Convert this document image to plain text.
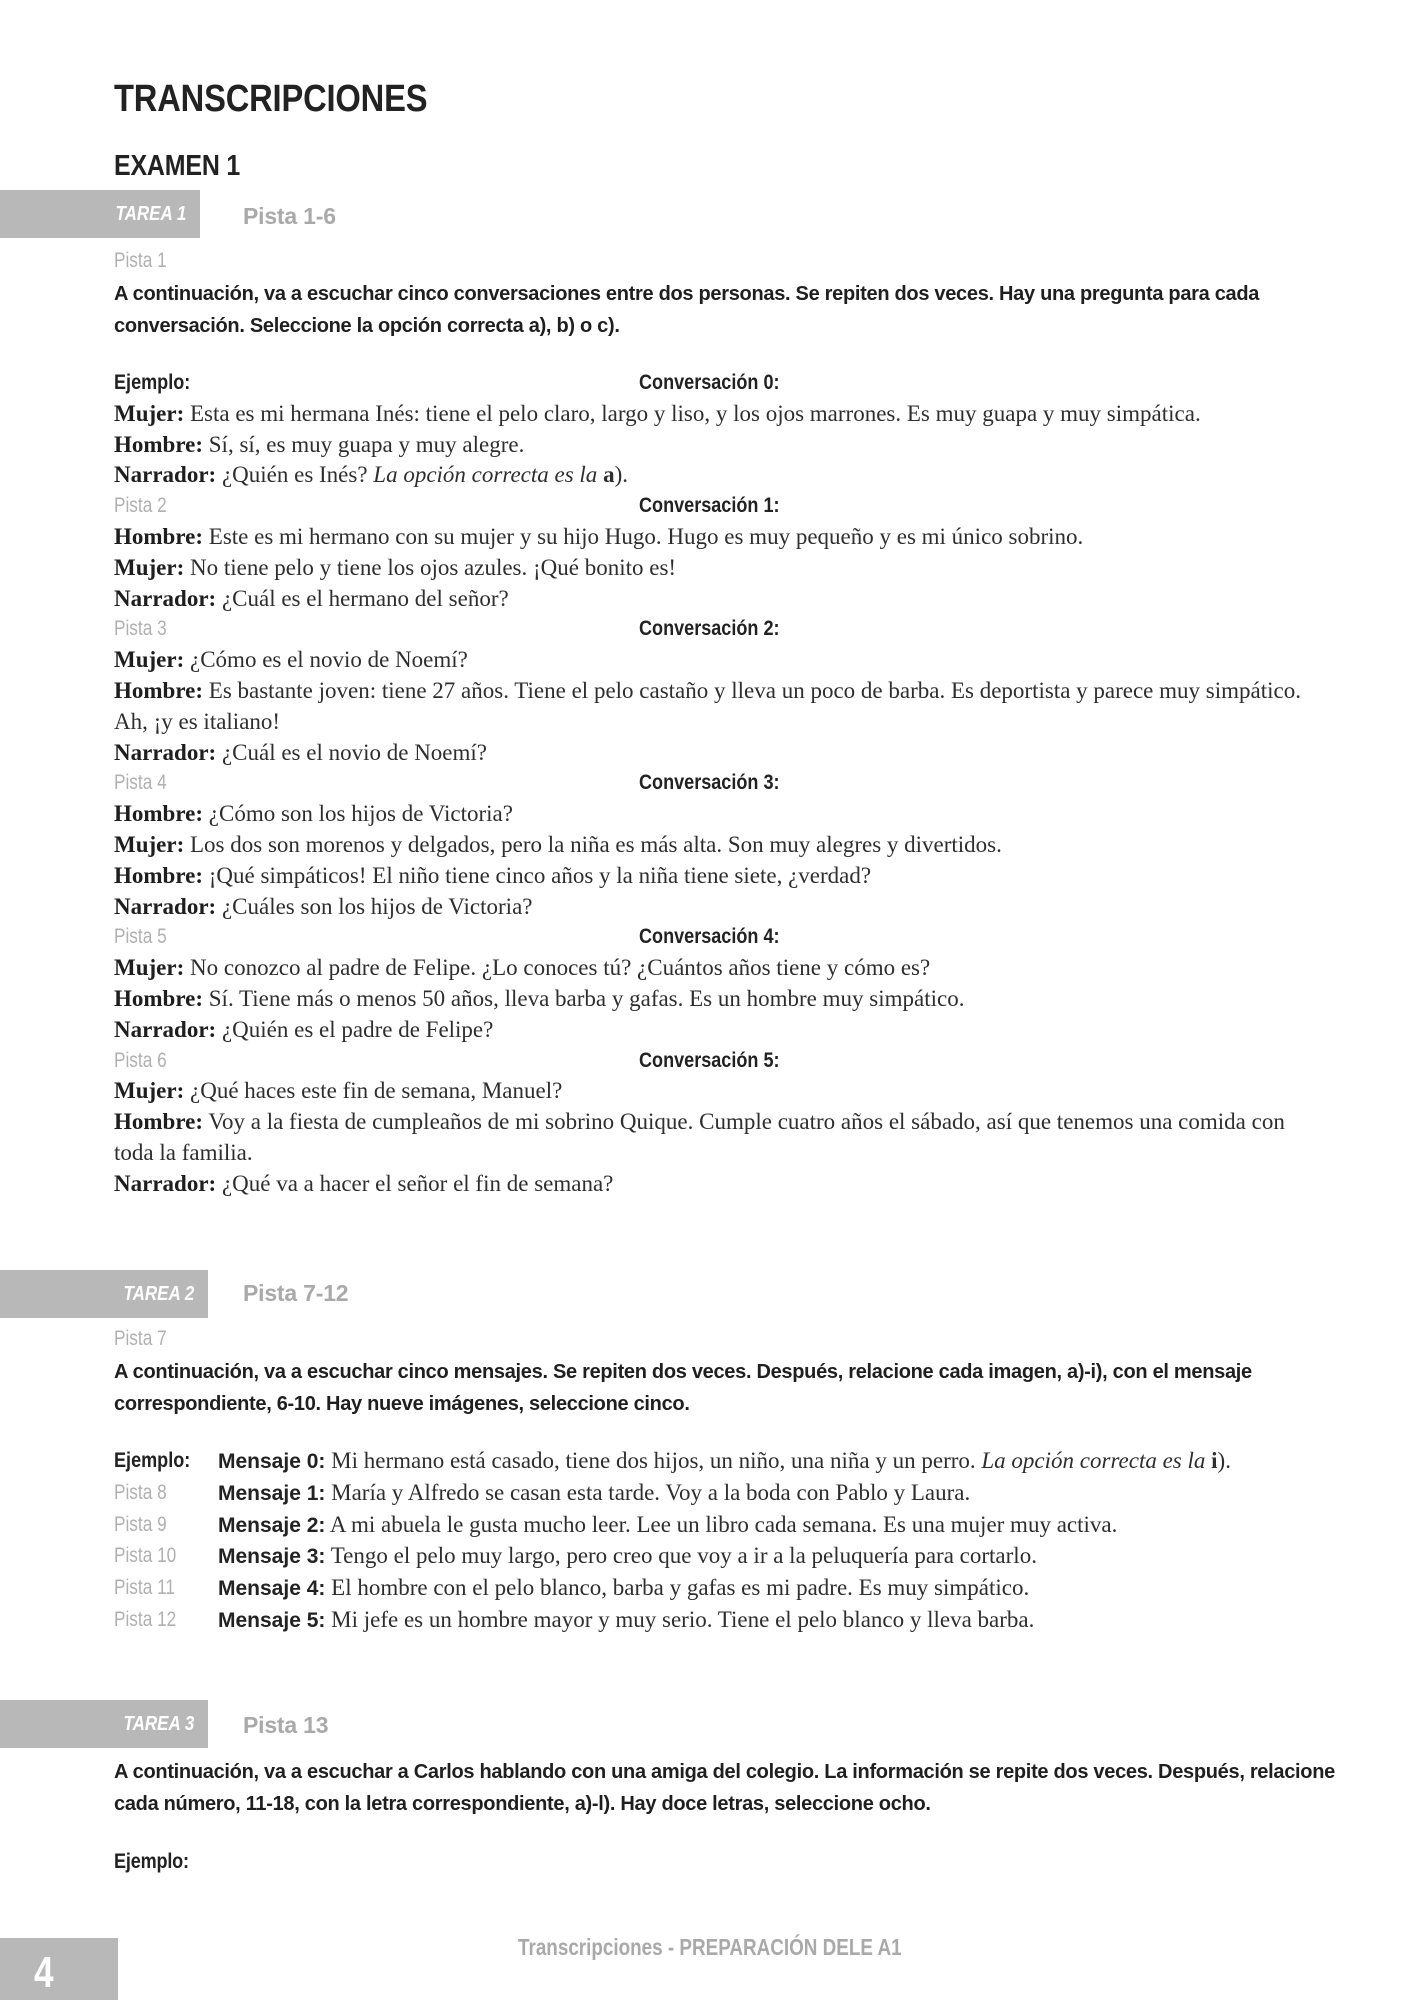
TRANSCRIPCIONES
EXAMEN 1
TAREA 1	Pista 1-6
Pista 1
A continuación, va a escuchar cinco conversaciones entre dos personas. Se repiten dos veces. Hay una pregunta para cada conversación. Seleccione la opción correcta a), b) o c).
Ejemplo:	Conversación 0:
Mujer: Esta es mi hermana Inés: tiene el pelo claro, largo y liso, y los ojos marrones. Es muy guapa y muy simpática.
Hombre: Sí, sí, es muy guapa y muy alegre.
Narrador: ¿Quién es Inés? La opción correcta es la a).
Pista 2	Conversación 1:
Hombre: Este es mi hermano con su mujer y su hijo Hugo. Hugo es muy pequeño y es mi único sobrino.
Mujer: No tiene pelo y tiene los ojos azules. ¡Qué bonito es!
Narrador: ¿Cuál es el hermano del señor?
Pista 3	Conversación 2:
Mujer: ¿Cómo es el novio de Noemí?
Hombre: Es bastante joven: tiene 27 años. Tiene el pelo castaño y lleva un poco de barba. Es deportista y parece muy simpático. Ah, ¡y es italiano!
Narrador: ¿Cuál es el novio de Noemí?
Pista 4	Conversación 3:
Hombre: ¿Cómo son los hijos de Victoria?
Mujer: Los dos son morenos y delgados, pero la niña es más alta. Son muy alegres y divertidos.
Hombre: ¡Qué simpáticos! El niño tiene cinco años y la niña tiene siete, ¿verdad?
Narrador: ¿Cuáles son los hijos de Victoria?
Pista 5	Conversación 4:
Mujer: No conozco al padre de Felipe. ¿Lo conoces tú? ¿Cuántos años tiene y cómo es?
Hombre: Sí. Tiene más o menos 50 años, lleva barba y gafas. Es un hombre muy simpático.
Narrador: ¿Quién es el padre de Felipe?
Pista 6	Conversación 5:
Mujer: ¿Qué haces este fin de semana, Manuel?
Hombre: Voy a la fiesta de cumpleaños de mi sobrino Quique. Cumple cuatro años el sábado, así que tenemos una comida con toda la familia.
Narrador: ¿Qué va a hacer el señor el fin de semana?
TAREA 2	Pista 7-12
Pista 7
A continuación, va a escuchar cinco mensajes. Se repiten dos veces. Después, relacione cada imagen, a)-i), con el mensaje correspondiente, 6-10. Hay nueve imágenes, seleccione cinco.
Ejemplo:	Mensaje 0: Mi hermano está casado, tiene dos hijos, un niño, una niña y un perro. La opción correcta es la i).
Pista 8	Mensaje 1: María y Alfredo se casan esta tarde. Voy a la boda con Pablo y Laura.
Pista 9	Mensaje 2: A mi abuela le gusta mucho leer. Lee un libro cada semana. Es una mujer muy activa.
Pista 10	Mensaje 3: Tengo el pelo muy largo, pero creo que voy a ir a la peluquería para cortarlo.
Pista 11	Mensaje 4: El hombre con el pelo blanco, barba y gafas es mi padre. Es muy simpático.
Pista 12	Mensaje 5: Mi jefe es un hombre mayor y muy serio. Tiene el pelo blanco y lleva barba.
TAREA 3	Pista 13
A continuación, va a escuchar a Carlos hablando con una amiga del colegio. La información se repite dos veces. Después, relacione cada número, 11-18, con la letra correspondiente, a)-l). Hay doce letras, seleccione ocho.
Ejemplo:
4
Transcripciones - PREPARACIÓN DELE A1
